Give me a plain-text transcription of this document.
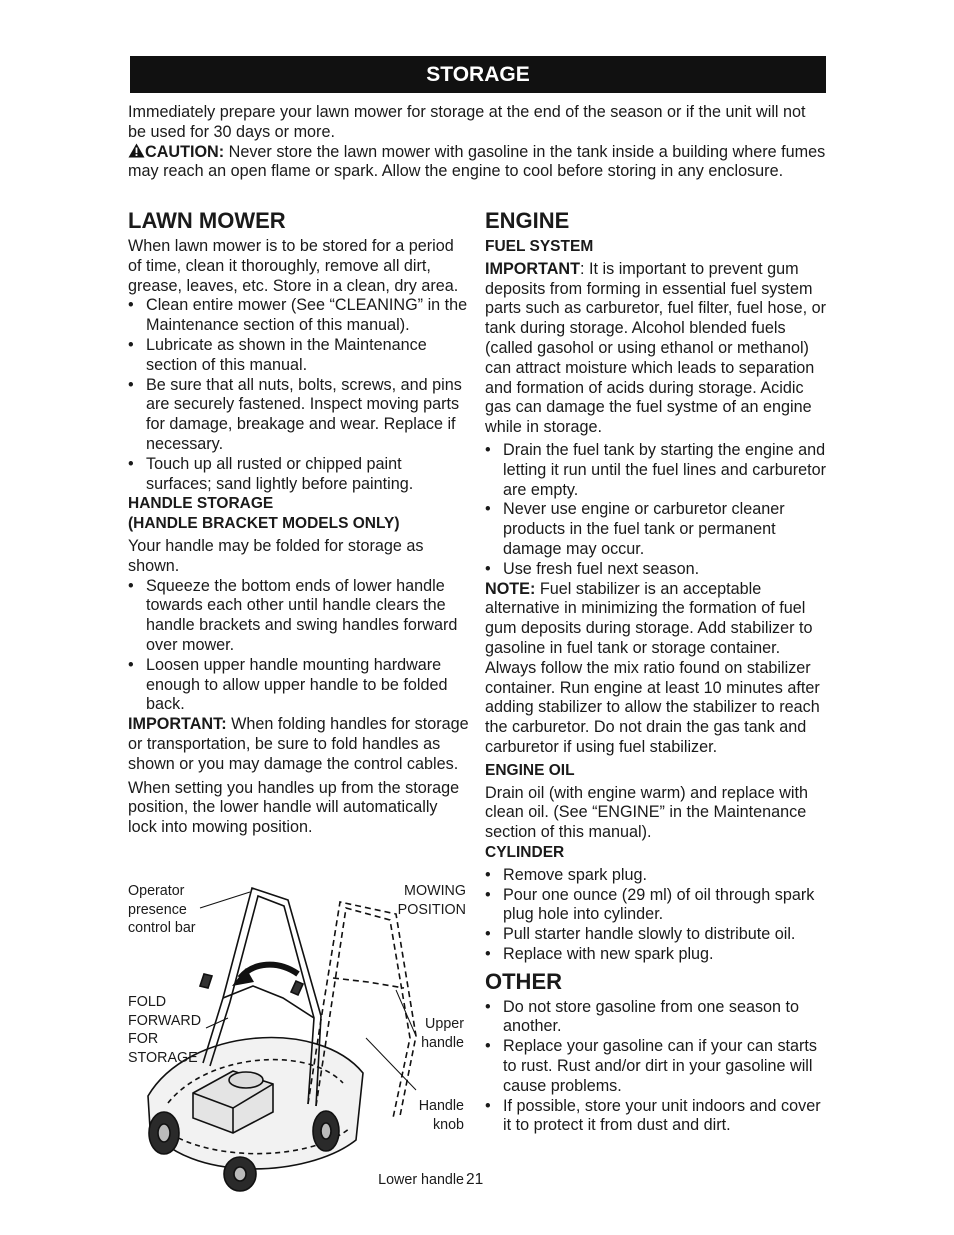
STORAGE

Immediately prepare your lawn mower for storage at the end of the season or if the unit will not be used for 30 days or more.

CAUTION: Never store the lawn mower with gasoline in the tank inside a building where fumes may reach an open flame or spark. Allow the engine to cool before storing in any enclosure.

LAWN MOWER

When lawn mower is to be stored for a period of time, clean it thoroughly, remove all dirt, grease, leaves, etc. Store in a clean, dry area.

• Clean entire mower (See “CLEANING” in the Maintenance section of this manual).
• Lubricate as shown in the Maintenance section of this manual.
• Be sure that all nuts, bolts, screws, and pins are securely fastened. Inspect moving parts for damage, breakage and wear. Replace if necessary.
• Touch up all rusted or chipped paint surfaces; sand lightly before painting.
HANDLE STORAGE
(HANDLE BRACKET MODELS ONLY)

Your handle may be folded for storage as shown.

• Squeeze the bottom ends of lower handle towards each other until handle clears the handle brackets and swing handles forward over mower.
• Loosen upper handle mounting hardware enough to allow upper handle to be folded back.

IMPORTANT: When folding handles for storage or transportation, be sure to fold handles as shown or you may damage the control cables.

When setting you handles up from the storage position, the lower handle will automatically lock into mowing position.

Operator presence control bar
MOWING POSITION
FOLD FORWARD FOR STORAGE
Upper handle
Handle knob
Lower handle
ENGINE
FUEL SYSTEM

IMPORTANT: It is important to prevent gum deposits from forming in essential fuel system parts such as carburetor, fuel filter, fuel hose, or tank during storage. Alcohol blended fuels (called gasohol or using ethanol or methanol) can attract moisture which leads to separation and formation of acids during storage. Acidic gas can damage the fuel systme of an engine while in storage.

• Drain the fuel tank by starting the engine and letting it run until the fuel lines and carburetor are empty.
• Never use engine or carburetor cleaner products in the fuel tank or permanent damage may occur.
• Use fresh fuel next season.

NOTE: Fuel stabilizer is an acceptable alternative in minimizing the formation of fuel gum deposits during storage. Add stabilizer to gasoline in fuel tank or storage container. Always follow the mix ratio found on stabilizer container. Run engine at least 10 minutes after adding stabilizer to allow the stabilizer to reach the carburetor. Do not drain the gas tank and carburetor if using fuel stabilizer.

ENGINE OIL

Drain oil (with engine warm) and replace with clean oil. (See “ENGINE” in the Maintenance section of this manual).

CYLINDER
• Remove spark plug.
• Pour one ounce (29 ml) of oil through spark plug hole into cylinder.
• Pull starter handle slowly to distribute oil.
• Replace with new spark plug.
OTHER
• Do not store gasoline from one season to another.
• Replace your gasoline can if your can starts to rust. Rust and/or dirt in your gasoline will cause problems.
• If possible, store your unit indoors and cover it to protect it from dust and dirt.
21
